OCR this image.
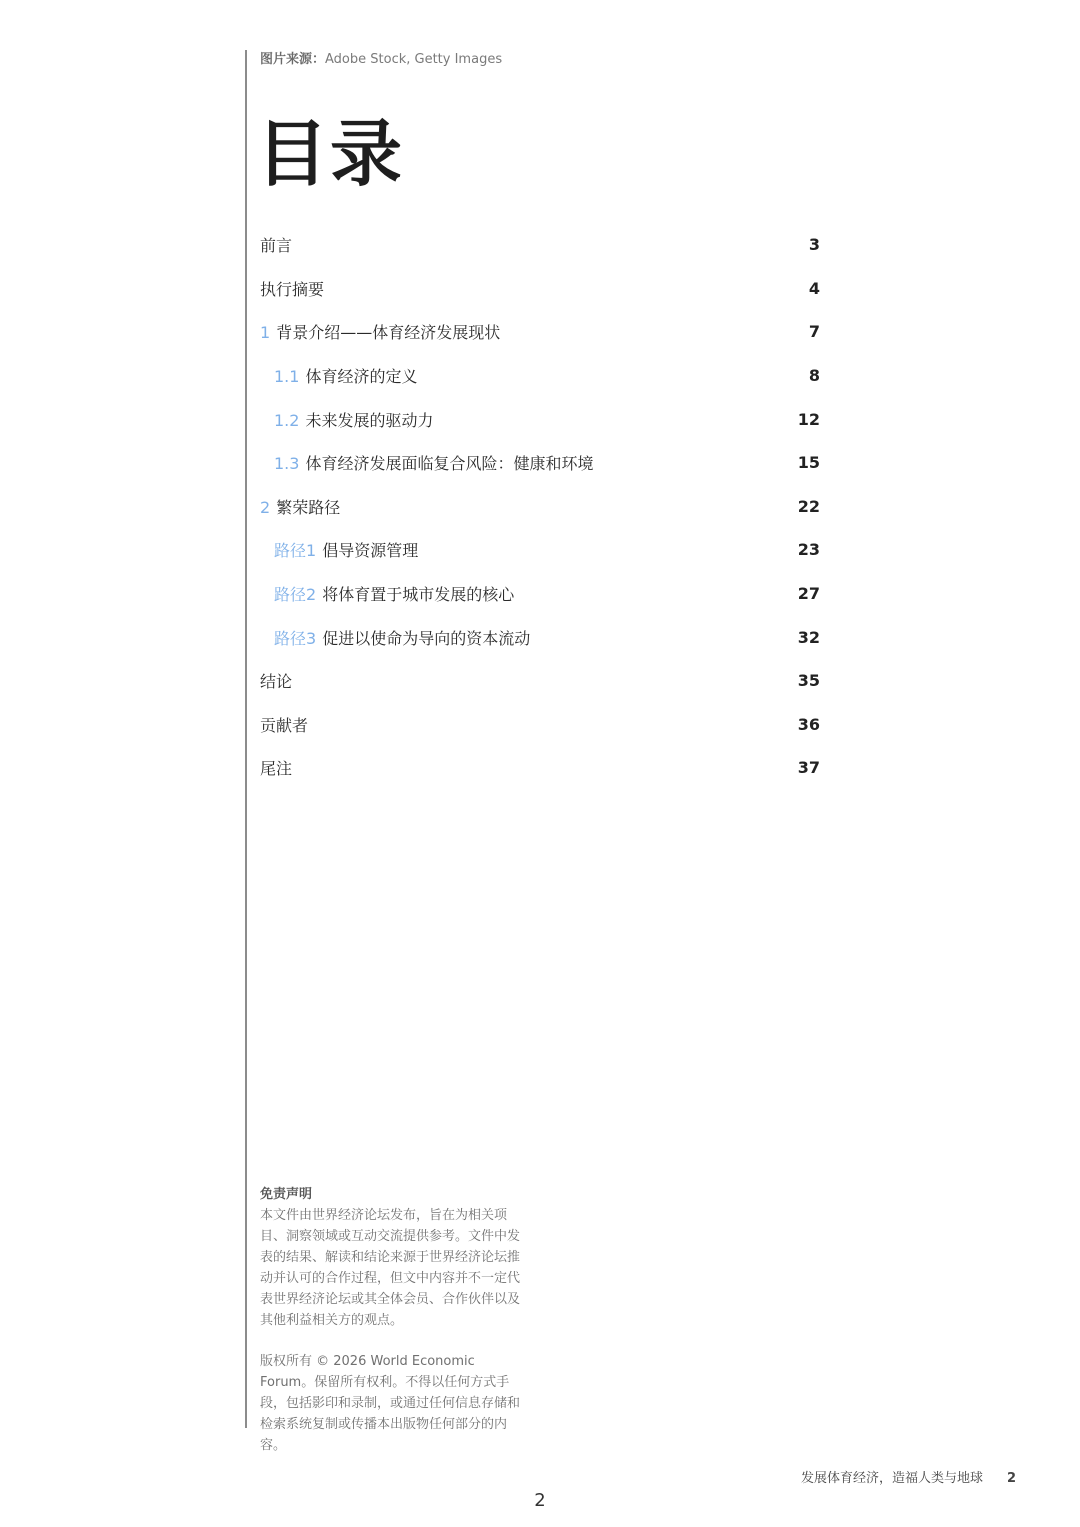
图片来源：Adobe Stock, Getty Images
目录
前言	3
执行摘要	4
1 背景介绍——体育经济发展现状	7
1.1 体育经济的定义	8
1.2 未来发展的驱动力	12
1.3 体育经济发展面临复合风险：健康和环境	15
2 繁荣路径	22
路径1 倡导资源管理	23
路径2 将体育置于城市发展的核心	27
路径3 促进以使命为导向的资本流动	32
结论	35
贡献者	36
尾注	37
免责声明
本文件由世界经济论坛发布，旨在为相关项目、洞察领域或互动交流提供参考。文件中发表的结果、解读和结论来源于世界经济论坛推动并认可的合作过程，但文中内容并不一定代表世界经济论坛或其全体会员、合作伙伴以及其他利益相关方的观点。
版权所有 © 2026 World Economic Forum。保留所有权利。不得以任何方式手段，包括影印和录制，或通过任何信息存储和检索系统复制或传播本出版物任何部分的内容。
发展体育经济，造福人类与地球 2
2
